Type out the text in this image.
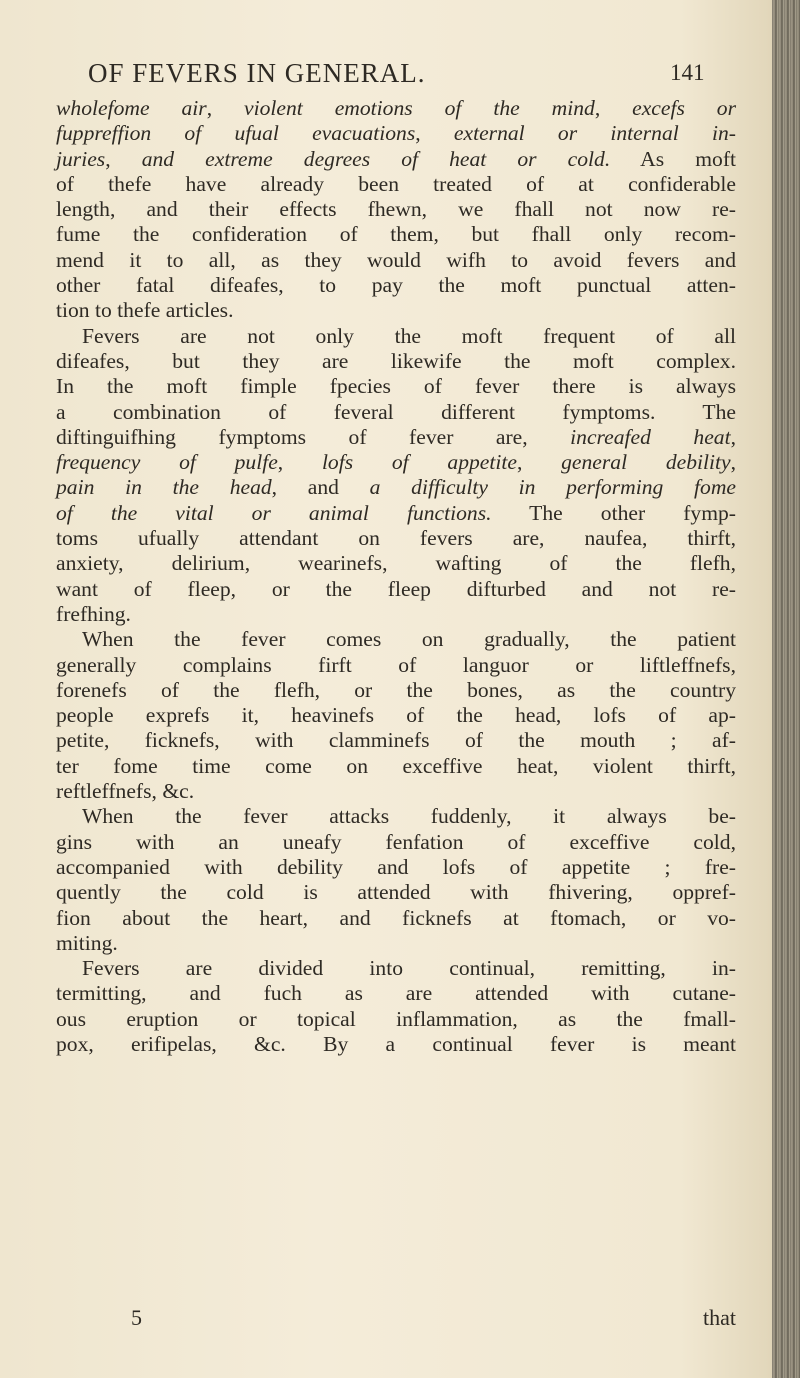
OF FEVERS IN GENERAL.	141
wholefome air, violent emotions of the mind, excefs or
fuppreffion of ufual evacuations, external or internal in-
juries, and extreme degrees of heat or cold. As moft
of thefe have already been treated of at confiderable
length, and their effects fhewn, we fhall not now re-
fume the confideration of them, but fhall only recom-
mend it to all, as they would wifh to avoid fevers and
other fatal difeafes, to pay the moft punctual atten-
tion to thefe articles.
Fevers are not only the moft frequent of all
difeafes, but they are likewife the moft complex.
In the moft fimple fpecies of fever there is always
a combination of feveral different fymptoms. The
diftinguifhing fymptoms of fever are, increafed heat,
frequency of pulfe, lofs of appetite, general debility,
pain in the head, and a difficulty in performing fome
of the vital or animal functions. The other fymp-
toms ufually attendant on fevers are, naufea, thirft,
anxiety, delirium, wearinefs, wafting of the flefh,
want of fleep, or the fleep difturbed and not re-
frefhing.
When the fever comes on gradually, the patient
generally complains firft of languor or liftleffnefs,
forenefs of the flefh, or the bones, as the country
people exprefs it, heavinefs of the head, lofs of ap-
petite, ficknefs, with clamminefs of the mouth ; af-
ter fome time come on exceffive heat, violent thirft,
reftleffnefs, &c.
When the fever attacks fuddenly, it always be-
gins with an uneafy fenfation of exceffive cold,
accompanied with debility and lofs of appetite ; fre-
quently the cold is attended with fhivering, oppref-
fion about the heart, and ficknefs at ftomach, or vo-
miting.
Fevers are divided into continual, remitting, in-
termitting, and fuch as are attended with cutane-
ous eruption or topical inflammation, as the fmall-
pox, erifipelas, &c. By a continual fever is meant
5	that
